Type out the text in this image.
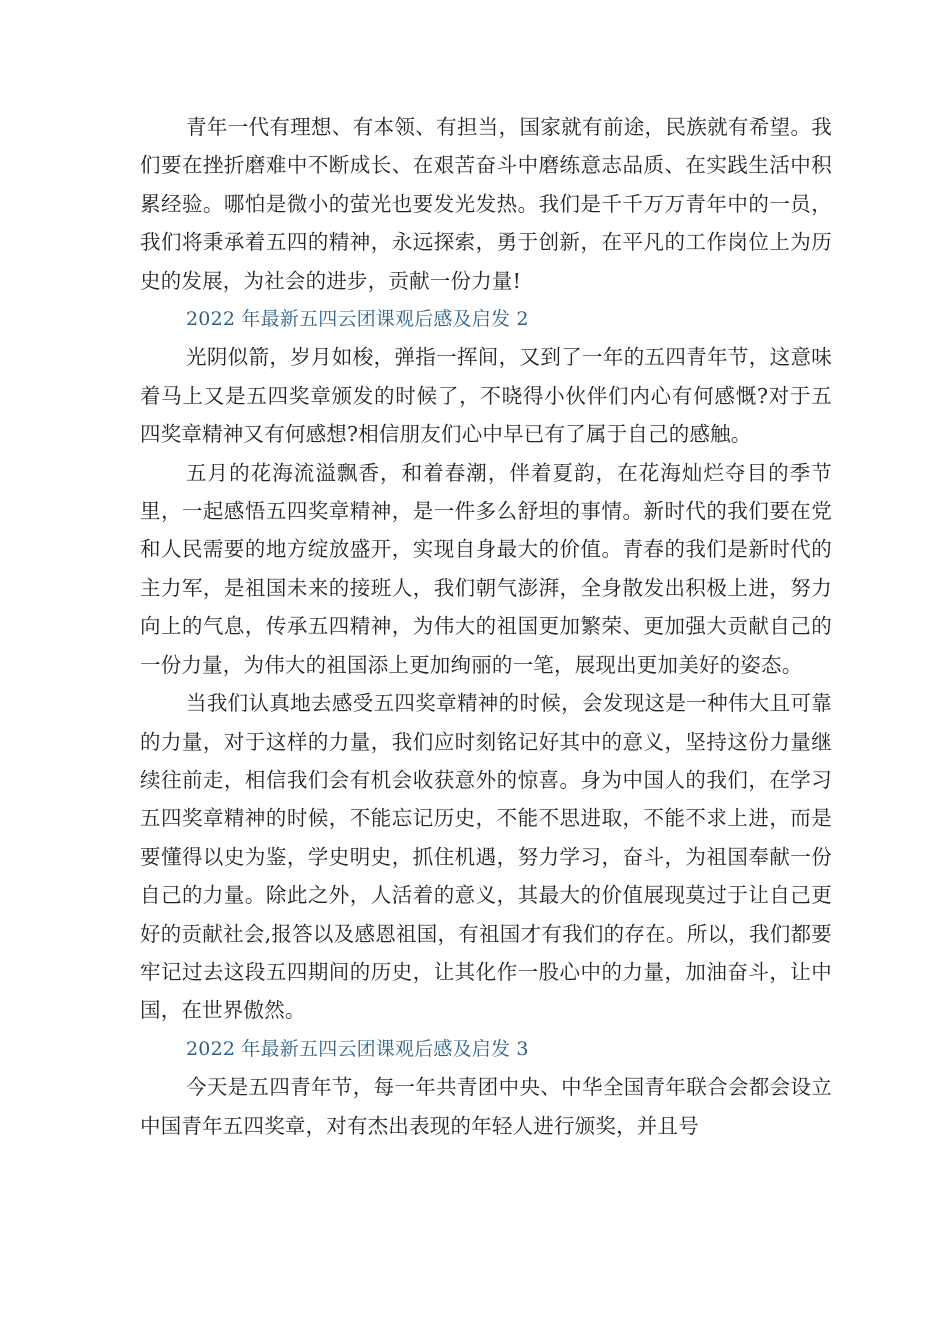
青年一代有理想、有本领、有担当，国家就有前途，民族就有希望。我们要在挫折磨难中不断成长、在艰苦奋斗中磨练意志品质、在实践生活中积累经验。哪怕是微小的萤光也要发光发热。我们是千千万万青年中的一员，我们将秉承着五四的精神，永远探索，勇于创新，在平凡的工作岗位上为历史的发展，为社会的进步，贡献一份力量!

2022 年最新五四云团课观后感及启发 2

光阴似箭，岁月如梭，弹指一挥间，又到了一年的五四青年节，这意味着马上又是五四奖章颁发的时候了，不晓得小伙伴们内心有何感慨?对于五四奖章精神又有何感想?相信朋友们心中早已有了属于自己的感触。

五月的花海流溢飘香，和着春潮，伴着夏韵，在花海灿烂夺目的季节里，一起感悟五四奖章精神，是一件多么舒坦的事情。新时代的我们要在党和人民需要的地方绽放盛开，实现自身最大的价值。青春的我们是新时代的主力军，是祖国未来的接班人，我们朝气澎湃，全身散发出积极上进，努力向上的气息，传承五四精神，为伟大的祖国更加繁荣、更加强大贡献自己的一份力量，为伟大的祖国添上更加绚丽的一笔，展现出更加美好的姿态。

当我们认真地去感受五四奖章精神的时候，会发现这是一种伟大且可靠的力量，对于这样的力量，我们应时刻铭记好其中的意义，坚持这份力量继续往前走，相信我们会有机会收获意外的惊喜。身为中国人的我们，在学习五四奖章精神的时候，不能忘记历史，不能不思进取，不能不求上进，而是要懂得以史为鉴，学史明史，抓住机遇，努力学习，奋斗，为祖国奉献一份自己的力量。除此之外，人活着的意义，其最大的价值展现莫过于让自己更好的贡献社会,报答以及感恩祖国，有祖国才有我们的存在。所以，我们都要牢记过去这段五四期间的历史，让其化作一股心中的力量，加油奋斗，让中国，在世界傲然。

2022 年最新五四云团课观后感及启发 3

今天是五四青年节，每一年共青团中央、中华全国青年联合会都会设立中国青年五四奖章，对有杰出表现的年轻人进行颁奖，并且号
